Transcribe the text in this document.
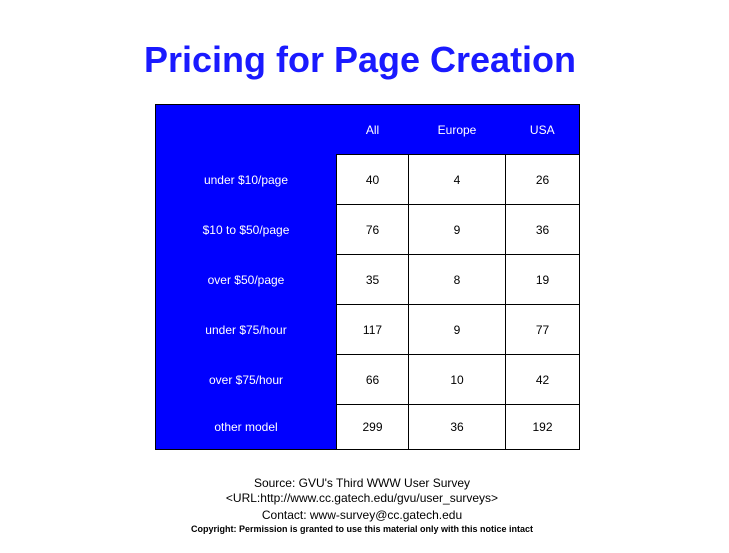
Pricing for Page Creation
	All	Europe	USA
under $10/page	40	4	26
$10 to $50/page	76	9	36
over $50/page	35	8	19
under $75/hour	117	9	77
over $75/hour	66	10	42
other model	299	36	192
Source: GVU's Third WWW User Survey
<URL:http://www.cc.gatech.edu/gvu/user_surveys>
Contact: www-survey@cc.gatech.edu
Copyright: Permission is granted to use this material only with this notice intact
